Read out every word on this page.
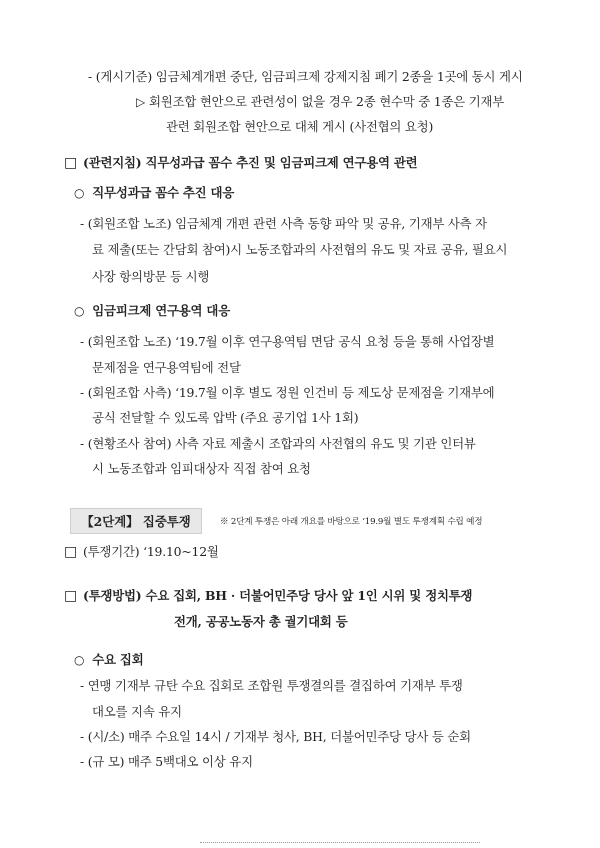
- (게시기준) 임금체계개편 중단, 임금피크제 강제지침 폐기 2종을 1곳에 동시 게시
▷ 회원조합 현안으로 관련성이 없을 경우 2종 현수막 중 1종은 기재부
관련 회원조합 현안으로 대체 게시 (사전협의 요청)
□ (관련지침) 직무성과급 꼼수 추진 및 임금피크제 연구용역 관련
○ 직무성과급 꼼수 추진 대응
- (회원조합 노조) 임금체계 개편 관련 사측 동향 파악 및 공유, 기재부 사측 자
료 제출(또는 간담회 참여)시 노동조합과의 사전협의 유도 및 자료 공유, 필요시
사장 항의방문 등 시행
○ 임금피크제 연구용역 대응
- (회원조합 노조) ‘19.7월 이후 연구용역팀 면담 공식 요청 등을 통해 사업장별
문제점을 연구용역팀에 전달
- (회원조합 사측) ‘19.7월 이후 별도 정원 인건비 등 제도상 문제점을 기재부에
공식 전달할 수 있도록 압박 (주요 공기업 1사 1회)
- (현황조사 참여) 사측 자료 제출시 조합과의 사전협의 유도 및 기관 인터뷰
시 노동조합과 임피대상자 직접 참여 요청
【2단계】 집중투쟁	※ 2단계 투쟁은 아래 개요를 바탕으로 ‘19.9월 별도 투쟁계획 수립 예정
□ (투쟁기간) ‘19.10~12월
□ (투쟁방법) 수요 집회, BH · 더불어민주당 당사 앞 1인 시위 및 정치투쟁
전개, 공공노동자 총 궐기대회 등
○ 수요 집회
- 연맹 기재부 규탄 수요 집회로 조합원 투쟁결의를 결집하여 기재부 투쟁
대오를 지속 유지
- (시/소) 매주 수요일 14시 / 기재부 청사, BH, 더불어민주당 당사 등 순회
- (규 모) 매주 5백대오 이상 유지
